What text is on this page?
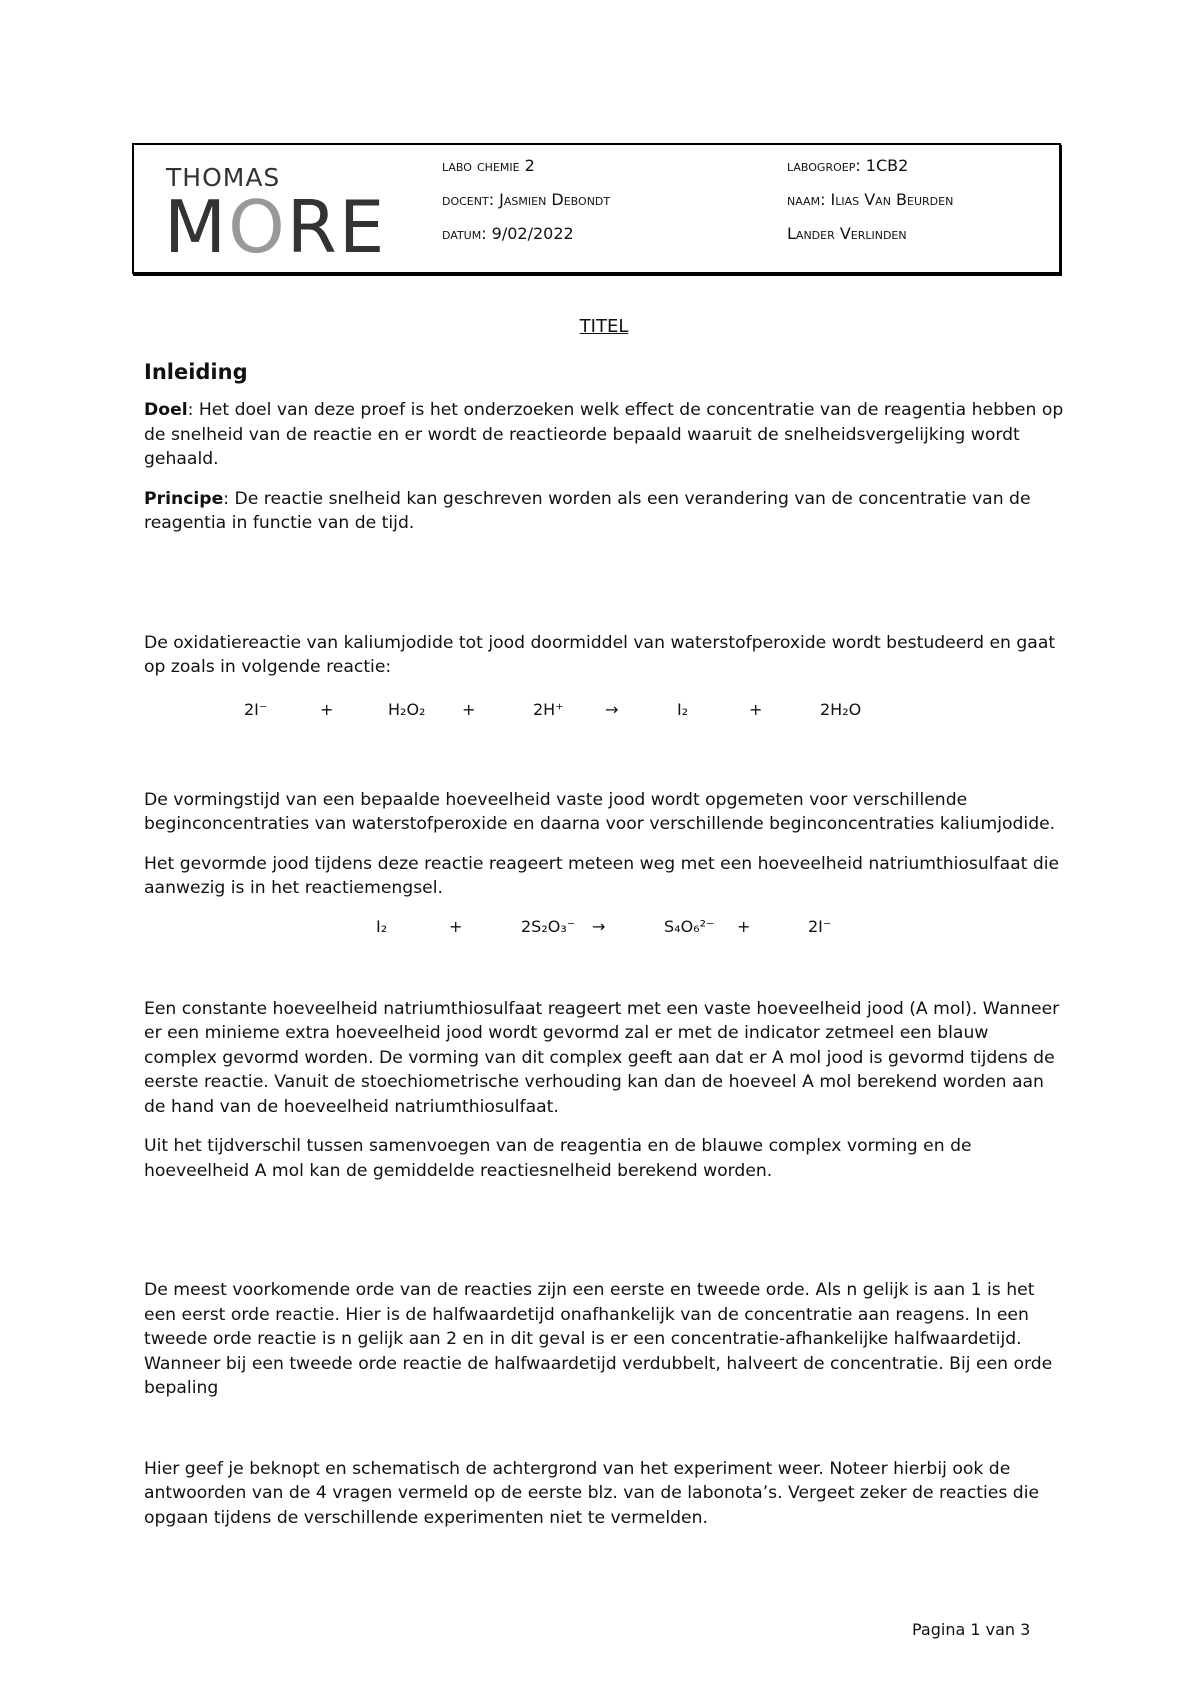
THOMAS
MORE
labo chemie 2
docent: Jasmien Debondt
datum: 9/02/2022
labogroep: 1CB2
naam: Ilias Van Beurden
Lander Verlinden
TITEL
Inleiding

Doel: Het doel van deze proef is het onderzoeken welk effect de concentratie van de reagentia hebben op de snelheid van de reactie en er wordt de reactieorde bepaald waaruit de snelheidsvergelijking wordt gehaald.

Principe: De reactie snelheid kan geschreven worden als een verandering van de concentratie van de reagentia in functie van de tijd.

De oxidatiereactie van kaliumjodide tot jood doormiddel van waterstofperoxide wordt bestudeerd en gaat op zoals in volgende reactie:

2I⁻	+	H₂O₂ +	2H⁺	→	I₂	+	2H₂O

De vormingstijd van een bepaalde hoeveelheid vaste jood wordt opgemeten voor verschillende beginconcentraties van waterstofperoxide en daarna voor verschillende beginconcentraties kaliumjodide.

Het gevormde jood tijdens deze reactie reageert meteen weg met een hoeveelheid natriumthiosulfaat die aanwezig is in het reactiemengsel.

I₂	+	2S₂O₃⁻ →	S₄O₆²⁻ +	2I⁻

Een constante hoeveelheid natriumthiosulfaat reageert met een vaste hoeveelheid jood (A mol). Wanneer er een minieme extra hoeveelheid jood wordt gevormd zal er met de indicator zetmeel een blauw complex gevormd worden. De vorming van dit complex geeft aan dat er A mol jood is gevormd tijdens de eerste reactie. Vanuit de stoechiometrische verhouding kan dan de hoeveel A mol berekend worden aan de hand van de hoeveelheid natriumthiosulfaat.

Uit het tijdverschil tussen samenvoegen van de reagentia en de blauwe complex vorming en de hoeveelheid A mol kan de gemiddelde reactiesnelheid berekend worden.

De meest voorkomende orde van de reacties zijn een eerste en tweede orde. Als n gelijk is aan 1 is het een eerst orde reactie. Hier is de halfwaardetijd onafhankelijk van de concentratie aan reagens. In een tweede orde reactie is n gelijk aan 2 en in dit geval is er een concentratie-afhankelijke halfwaardetijd. Wanneer bij een tweede orde reactie de halfwaardetijd verdubbelt, halveert de concentratie. Bij een orde bepaling

Hier geef je beknopt en schematisch de achtergrond van het experiment weer. Noteer hierbij ook de antwoorden van de 4 vragen vermeld op de eerste blz. van de labonota’s. Vergeet zeker de reacties die opgaan tijdens de verschillende experimenten niet te vermelden.

Pagina 1 van 3
